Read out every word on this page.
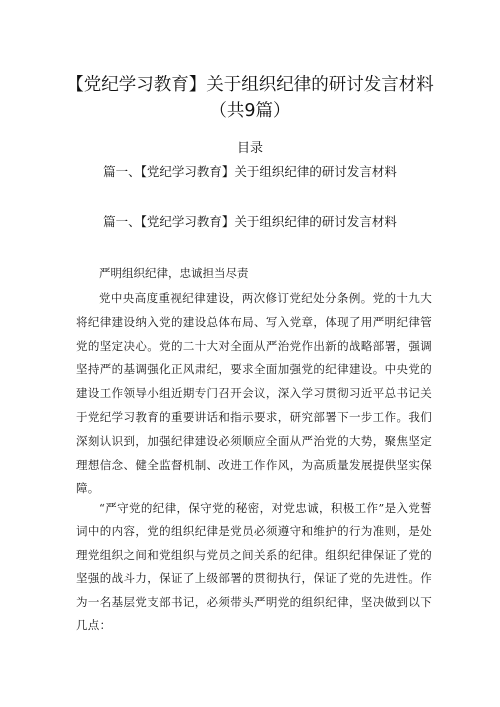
【党纪学习教育】关于组织纪律的研讨发言材料（共9篇）
目录
篇一、【党纪学习教育】关于组织纪律的研讨发言材料
篇一、【党纪学习教育】关于组织纪律的研讨发言材料

严明组织纪律，忠诚担当尽责

党中央高度重视纪律建设，两次修订党纪处分条例。党的十九大将纪律建设纳入党的建设总体布局、写入党章，体现了用严明纪律管党的坚定决心。党的二十大对全面从严治党作出新的战略部署，强调坚持严的基调强化正风肃纪，要求全面加强党的纪律建设。中央党的建设工作领导小组近期专门召开会议，深入学习贯彻习近平总书记关于党纪学习教育的重要讲话和指示要求，研究部署下一步工作。我们深刻认识到，加强纪律建设必须顺应全面从严治党的大势，聚焦坚定理想信念、健全监督机制、改进工作作风，为高质量发展提供坚实保障。

“严守党的纪律，保守党的秘密，对党忠诚，积极工作”是入党誓词中的内容，党的组织纪律是党员必须遵守和维护的行为准则，是处理党组织之间和党组织与党员之间关系的纪律。组织纪律保证了党的坚强的战斗力，保证了上级部署的贯彻执行，保证了党的先进性。作为一名基层党支部书记，必须带头严明党的组织纪律，坚决做到以下几点：
